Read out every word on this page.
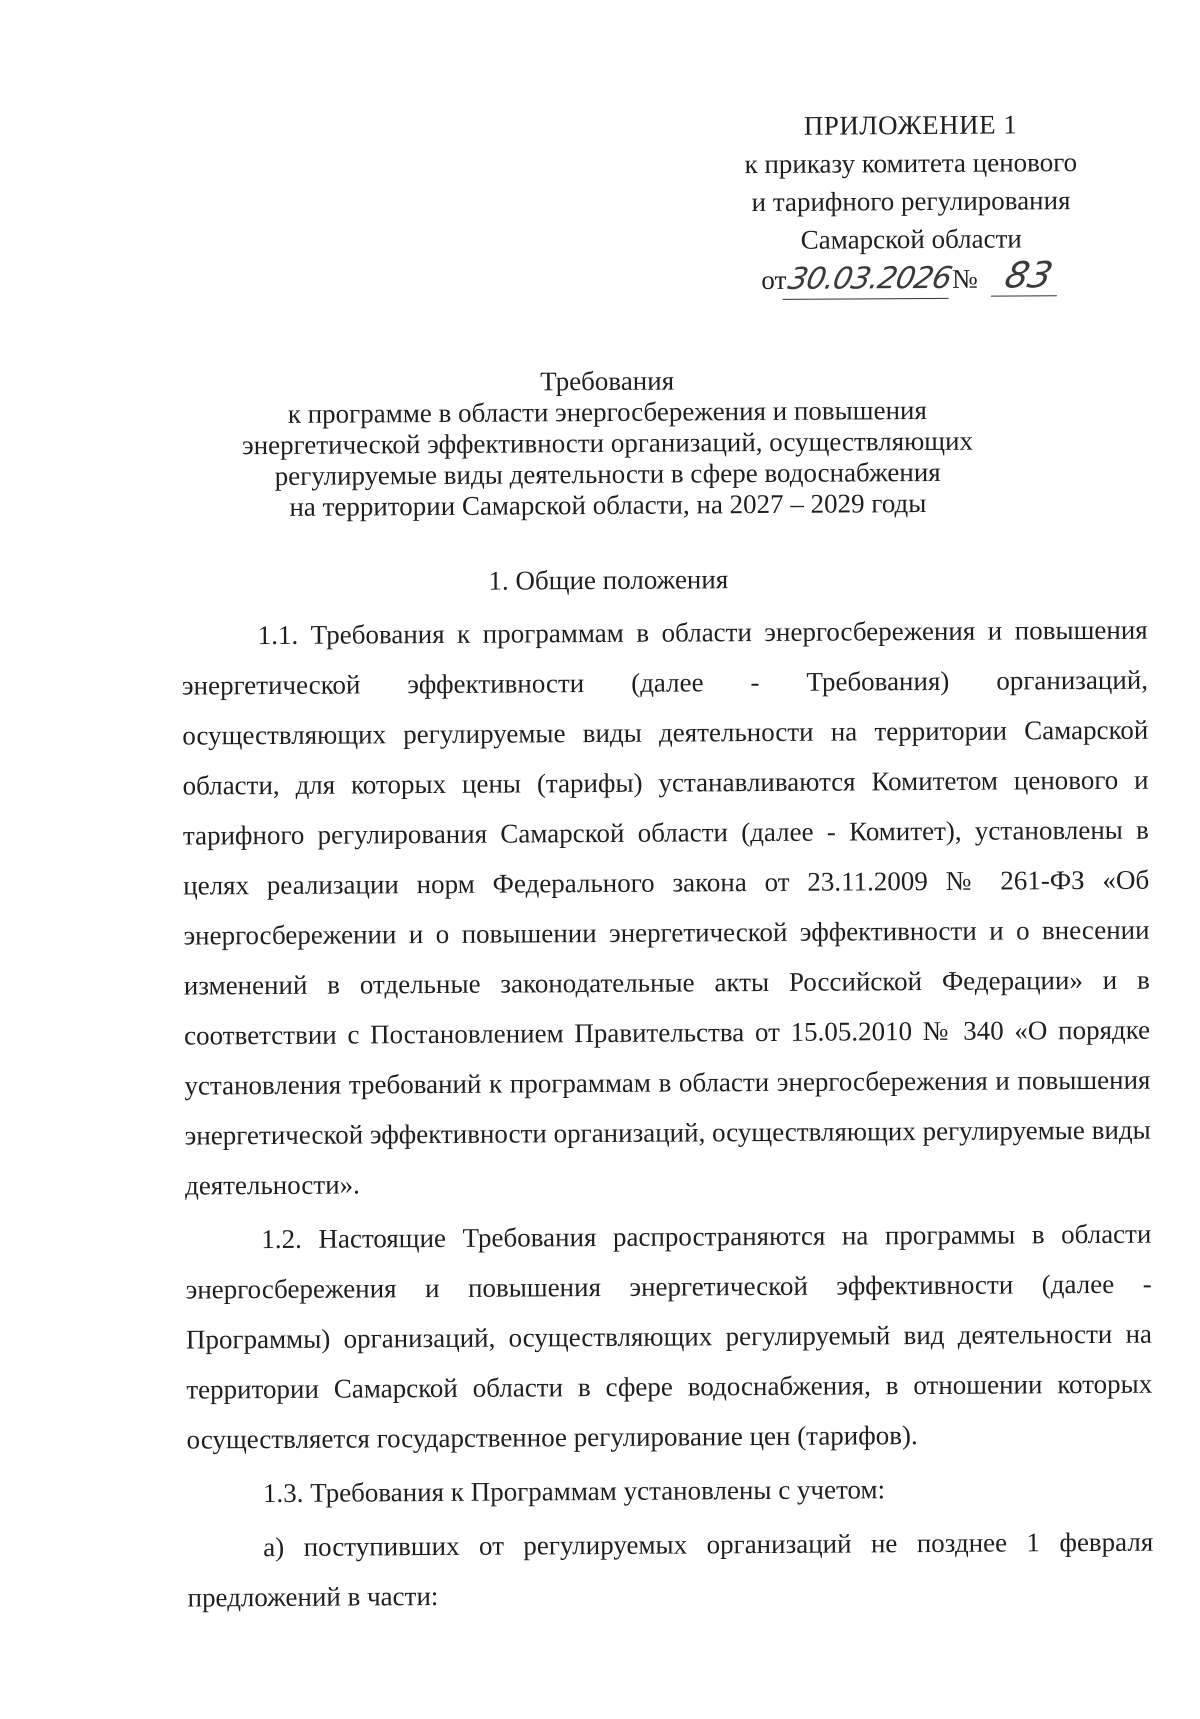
ПРИЛОЖЕНИЕ 1
к приказу комитета ценового
и тарифного регулирования
Самарской области
от30.03.2026№ 83
Требования
к программе в области энергосбережения и повышения
энергетической эффективности организаций, осуществляющих
регулируемые виды деятельности в сфере водоснабжения
на территории Самарской области, на 2027 – 2029 годы
1. Общие положения

1.1. Требования к программам в области энергосбережения и повышения энергетической эффективности (далее - Требования) организаций, осуществляющих регулируемые виды деятельности на территории Самарской области, для которых цены (тарифы) устанавливаются Комитетом ценового и тарифного регулирования Самарской области (далее - Комитет), установлены в целях реализации норм Федерального закона от 23.11.2009 № 261-ФЗ «Об энергосбережении и о повышении энергетической эффективности и о внесении изменений в отдельные законодательные акты Российской Федерации» и в соответствии с Постановлением Правительства от 15.05.2010 № 340 «О порядке установления требований к программам в области энергосбережения и повышения энергетической эффективности организаций, осуществляющих регулируемые виды деятельности».

1.2. Настоящие Требования распространяются на программы в области энергосбережения и повышения энергетической эффективности (далее - Программы) организаций, осуществляющих регулируемый вид деятельности на территории Самарской области в сфере водоснабжения, в отношении которых осуществляется государственное регулирование цен (тарифов).

1.3. Требования к Программам установлены с учетом:

а) поступивших от регулируемых организаций не позднее 1 февраля предложений в части:
